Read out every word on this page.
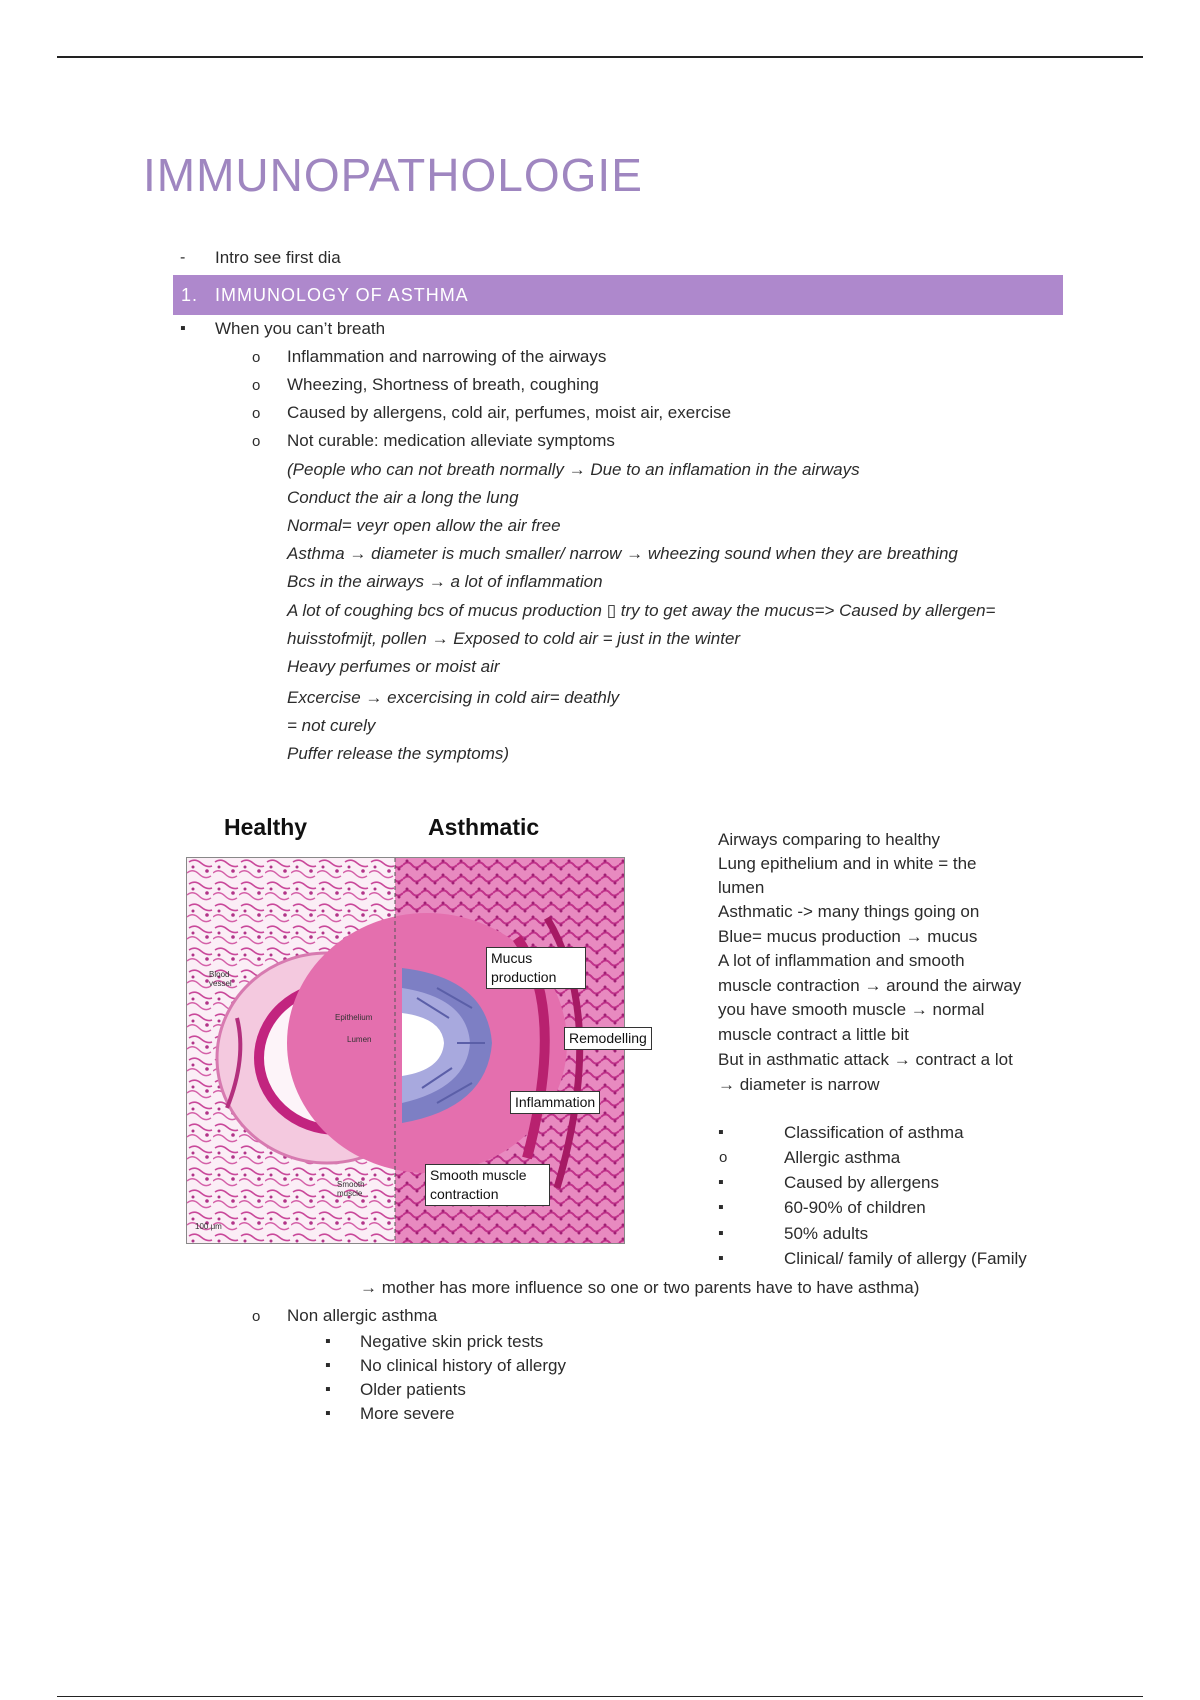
IMMUNOPATHOLOGIE
-
Intro see first dia
1. IMMUNOLOGY OF ASTHMA
▪
When you can’t breath
o
Inflammation and narrowing of the airways
o
Wheezing, Shortness of breath, coughing
o
Caused by allergens, cold air, perfumes, moist air, exercise
o
Not curable: medication alleviate symptoms
(People who can not breath normally → Due to an inflamation in the airways
Conduct the air a long the lung
Normal= veyr open allow the air free
Asthma → diameter is much smaller/ narrow → wheezing sound when they are breathing
Bcs in the airways → a lot of inflammation
A lot of coughing bcs of mucus production ▯ try to get away the mucus=> Caused by allergen=
huisstofmijt, pollen → Exposed to cold air = just in the winter
Heavy perfumes or moist air
Excercise → excercising in cold air= deathly
= not curely
Puffer release the symptoms)
Healthy	Asthmatic
Blood vessel
Epithelium
Lumen
Smooth muscle
100 μm
Mucus production
Remodelling
Inflammation
Smooth muscle contraction
Airways comparing to healthy
Lung epithelium and in white = the
lumen
Asthmatic -> many things going on
Blue= mucus production → mucus
A lot of inflammation and smooth
muscle contraction → around the airway
you have smooth muscle → normal
muscle contract a little bit
But in asthmatic attack → contract a lot
→ diameter is narrow
▪
Classification of asthma
o
Allergic asthma
▪
Caused by allergens
▪
60-90% of children
▪
50% adults
▪
Clinical/ family of allergy (Family
→ mother has more influence so one or two parents have to have asthma)
o
Non allergic asthma
▪
Negative skin prick tests
▪
No clinical history of allergy
▪
Older patients
▪
More severe
